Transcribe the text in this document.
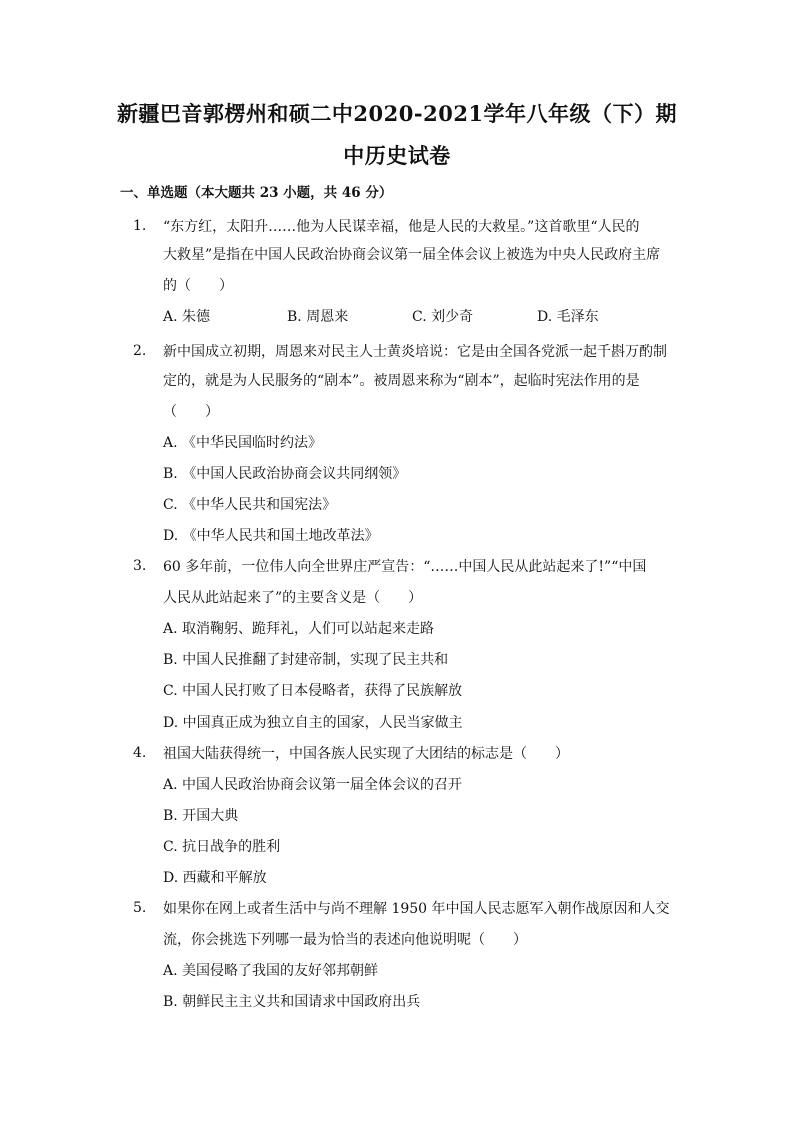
新疆巴音郭楞州和硕二中2020-2021学年八年级（下）期
中历史试卷
一、单选题（本大题共 23 小题，共 46 分）
1. “东方红，太阳升……他为人民谋幸福，他是人民的大救星。”这首歌里“人民的
大救星”是指在中国人民政治协商会议第一届全体会议上被选为中央人民政府主席
的（　　）
A. 朱德	B. 周恩来	C. 刘少奇	D. 毛泽东
2. 新中国成立初期，周恩来对民主人士黄炎培说：它是由全国各党派一起千斟万酌制
定的，就是为人民服务的“剧本”。被周恩来称为“剧本”，起临时宪法作用的是
（　　）
A. 《中华民国临时约法》
B. 《中国人民政治协商会议共同纲领》
C. 《中华人民共和国宪法》
D. 《中华人民共和国土地改革法》
3. 60 多年前，一位伟人向全世界庄严宣告：“……中国人民从此站起来了!”“中国
人民从此站起来了”的主要含义是（　　）
A. 取消鞠躬、跪拜礼，人们可以站起来走路
B. 中国人民推翻了封建帝制，实现了民主共和
C. 中国人民打败了日本侵略者，获得了民族解放
D. 中国真正成为独立自主的国家，人民当家做主
4. 祖国大陆获得统一，中国各族人民实现了大团结的标志是（　　）
A. 中国人民政治协商会议第一届全体会议的召开
B. 开国大典
C. 抗日战争的胜利
D. 西藏和平解放
5. 如果你在网上或者生活中与尚不理解 1950 年中国人民志愿军入朝作战原因和人交
流，你会挑选下列哪一最为恰当的表述向他说明呢（　　）
A. 美国侵略了我国的友好邻邦朝鲜
B. 朝鲜民主主义共和国请求中国政府出兵
